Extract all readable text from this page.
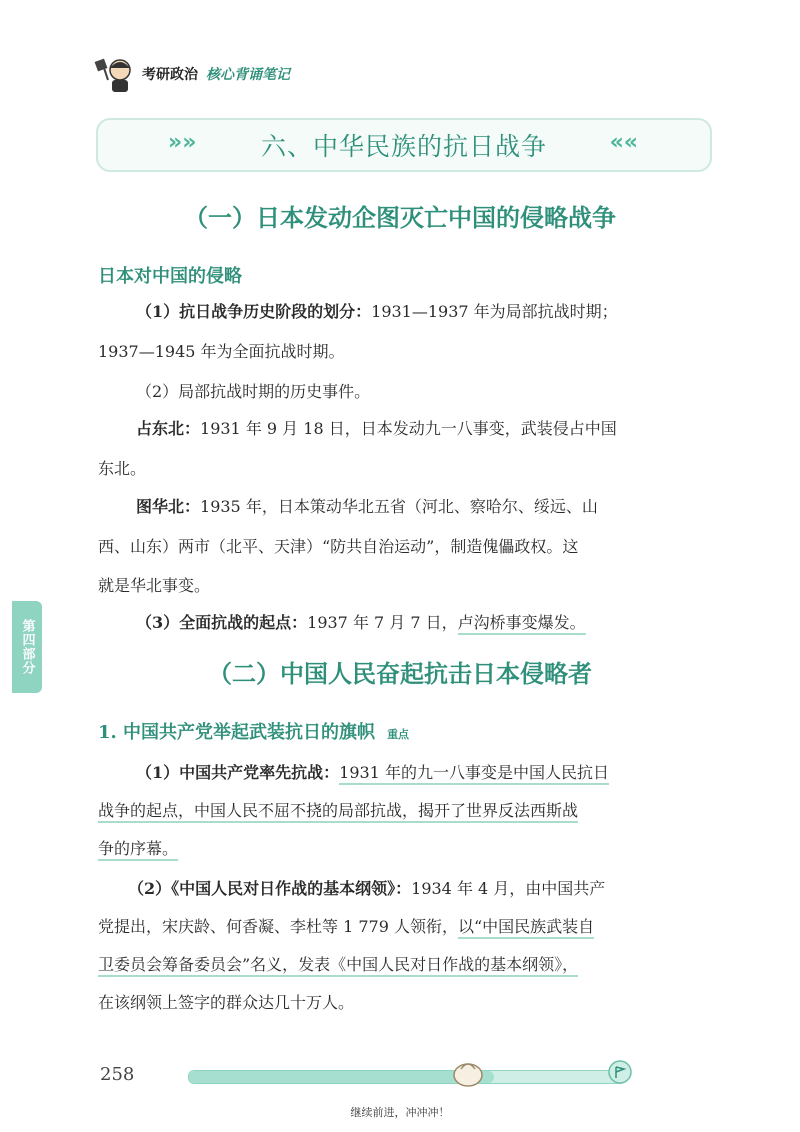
考研政治 核心背诵笔记
»»	六、中华民族的抗日战争	««
（一）日本发动企图灭亡中国的侵略战争
日本对中国的侵略
（1）抗日战争历史阶段的划分：1931—1937 年为局部抗战时期；
1937—1945 年为全面抗战时期。
（2）局部抗战时期的历史事件。
占东北：1931 年 9 月 18 日，日本发动九一八事变，武装侵占中国
东北。
图华北：1935 年，日本策动华北五省（河北、察哈尔、绥远、山
西、山东）两市（北平、天津）“防共自治运动”，制造傀儡政权。这
就是华北事变。
（3）全面抗战的起点：1937 年 7 月 7 日，卢沟桥事变爆发。
第四部分	（二）中国人民奋起抗击日本侵略者
1. 中国共产党举起武装抗日的旗帜 重点
（1）中国共产党率先抗战：1931 年的九一八事变是中国人民抗日
战争的起点，中国人民不屈不挠的局部抗战，揭开了世界反法西斯战
争的序幕。
（2）《中国人民对日作战的基本纲领》：1934 年 4 月，由中国共产
党提出，宋庆龄、何香凝、李杜等 1 779 人领衔，以“中国民族武装自
卫委员会筹备委员会”名义，发表《中国人民对日作战的基本纲领》，
在该纲领上签字的群众达几十万人。
258
继续前进，冲冲冲！
